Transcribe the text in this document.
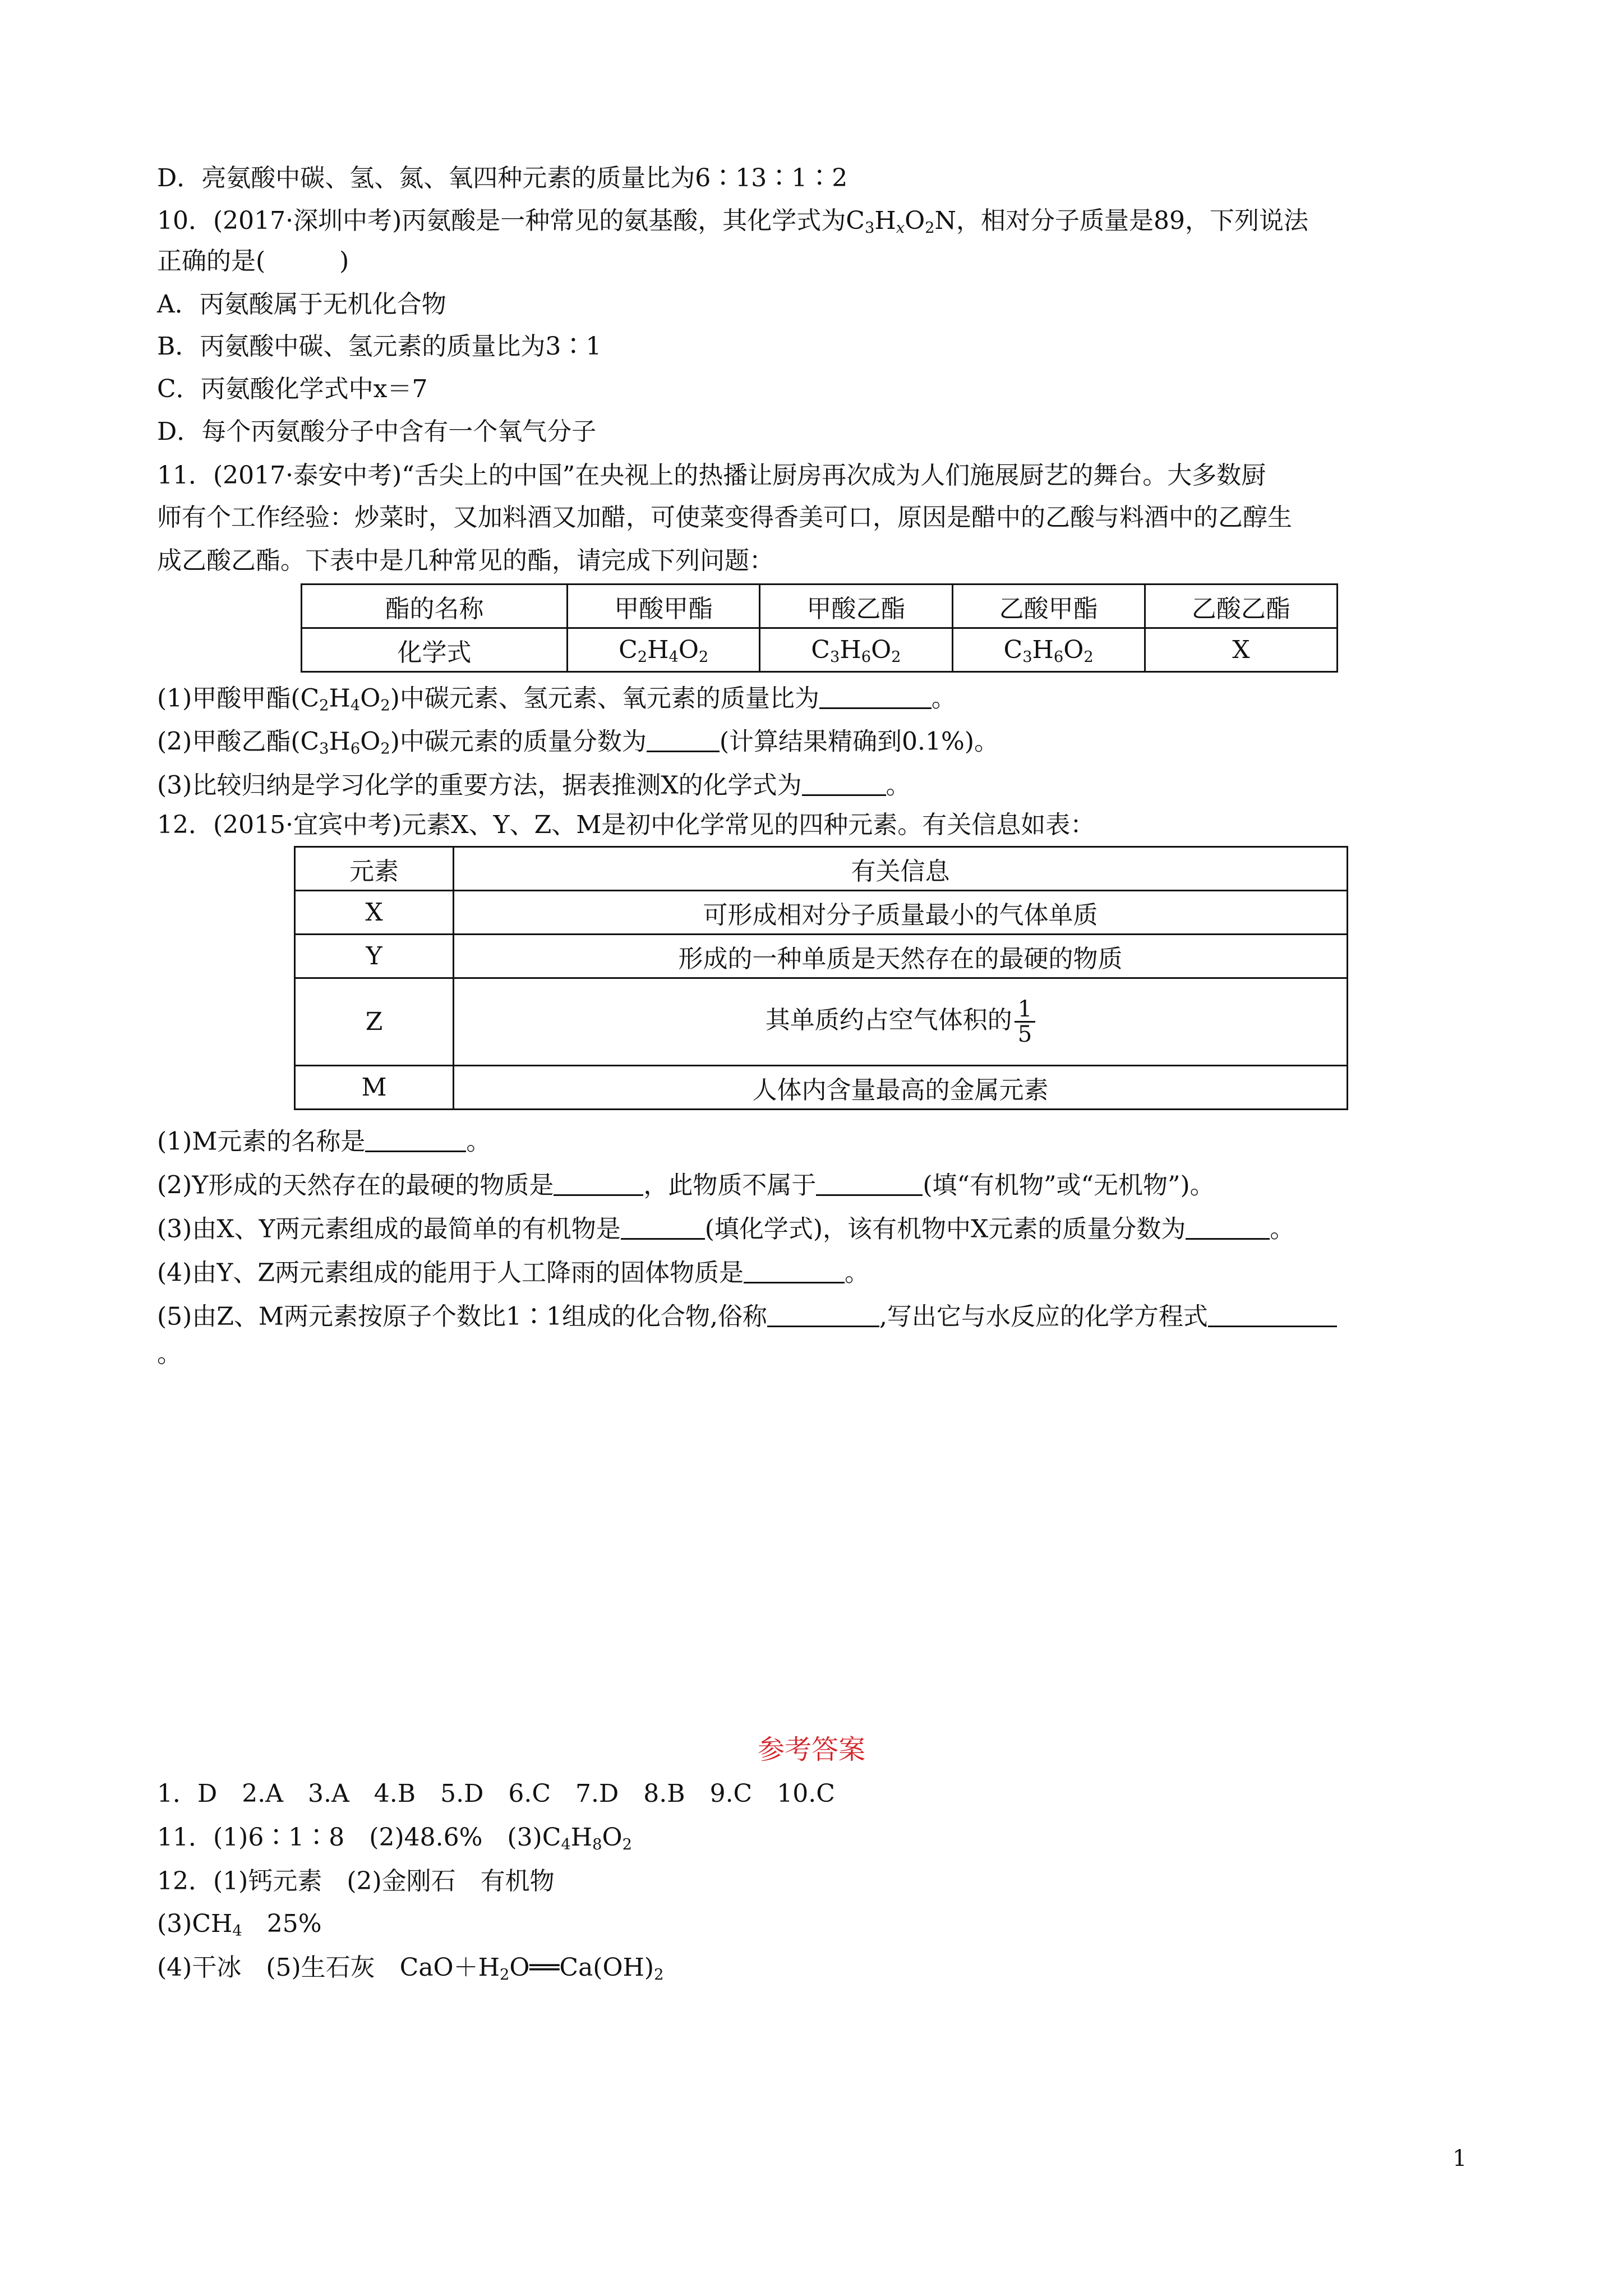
D．亮氨酸中碳、氢、氮、氧四种元素的质量比为6∶13∶1∶2
10．(2017·深圳中考)丙氨酸是一种常见的氨基酸，其化学式为$C_3H_xO_2N$，相对分子质量是89，下列说法
正确的是(　　　)
A．丙氨酸属于无机化合物
B．丙氨酸中碳、氢元素的质量比为3∶1
C．丙氨酸化学式中x＝7
D．每个丙氨酸分子中含有一个氧气分子
11．(2017·泰安中考)“舌尖上的中国”在央视上的热播让厨房再次成为人们施展厨艺的舞台。大多数厨
师有个工作经验：炒菜时，又加料酒又加醋，可使菜变得香美可口，原因是醋中的乙酸与料酒中的乙醇生
成乙酸乙酯。下表中是几种常见的酯，请完成下列问题：
酯的名称	甲酸甲酯	甲酸乙酯	乙酸甲酯	乙酸乙酯
化学式	$C_2H_4O_2$	$C_3H_6O_2$	$C_3H_6O_2$	X
(1)甲酸甲酯$(C_2H_4O_2)$中碳元素、氢元素、氧元素的质量比为	。
(2)甲酸乙酯$(C_3H_6O_2)$中碳元素的质量分数为	(计算结果精确到0.1%)。
(3)比较归纳是学习化学的重要方法，据表推测X的化学式为	。
12．(2015·宜宾中考)元素X、Y、Z、M是初中化学常见的四种元素。有关信息如表：
元素	有关信息
X	可形成相对分子质量最小的气体单质
Y	形成的一种单质是天然存在的最硬的物质
Z	其单质约占空气体积的 $\frac{1}{5}$

M	人体内含量最高的金属元素
(1)M元素的名称是	。
(2)Y形成的天然存在的最硬的物质是	，此物质不属于	(填“有机物”或“无机物”)。
(3)由X、Y两元素组成的最简单的有机物是	(填化学式)，该有机物中X元素的质量分数为	。
(4)由Y、Z两元素组成的能用于人工降雨的固体物质是	。
(5)由Z、M两元素按原子个数比1∶1组成的化合物,俗称	,写出它与水反应的化学方程式
。
参考答案
1．D　2.A　3.A　4.B　5.D　6.C　7.D　8.B　9.C　10.C
11．(1)6∶1∶8　(2)48.6%　$(3)C_4H_8O_2$
12．(1)钙元素　(2)金刚石　有机物
$(3)CH_4$　25%
(4)干冰　(5)生石灰　$CaO+H_2O══Ca(OH)_2$
1
